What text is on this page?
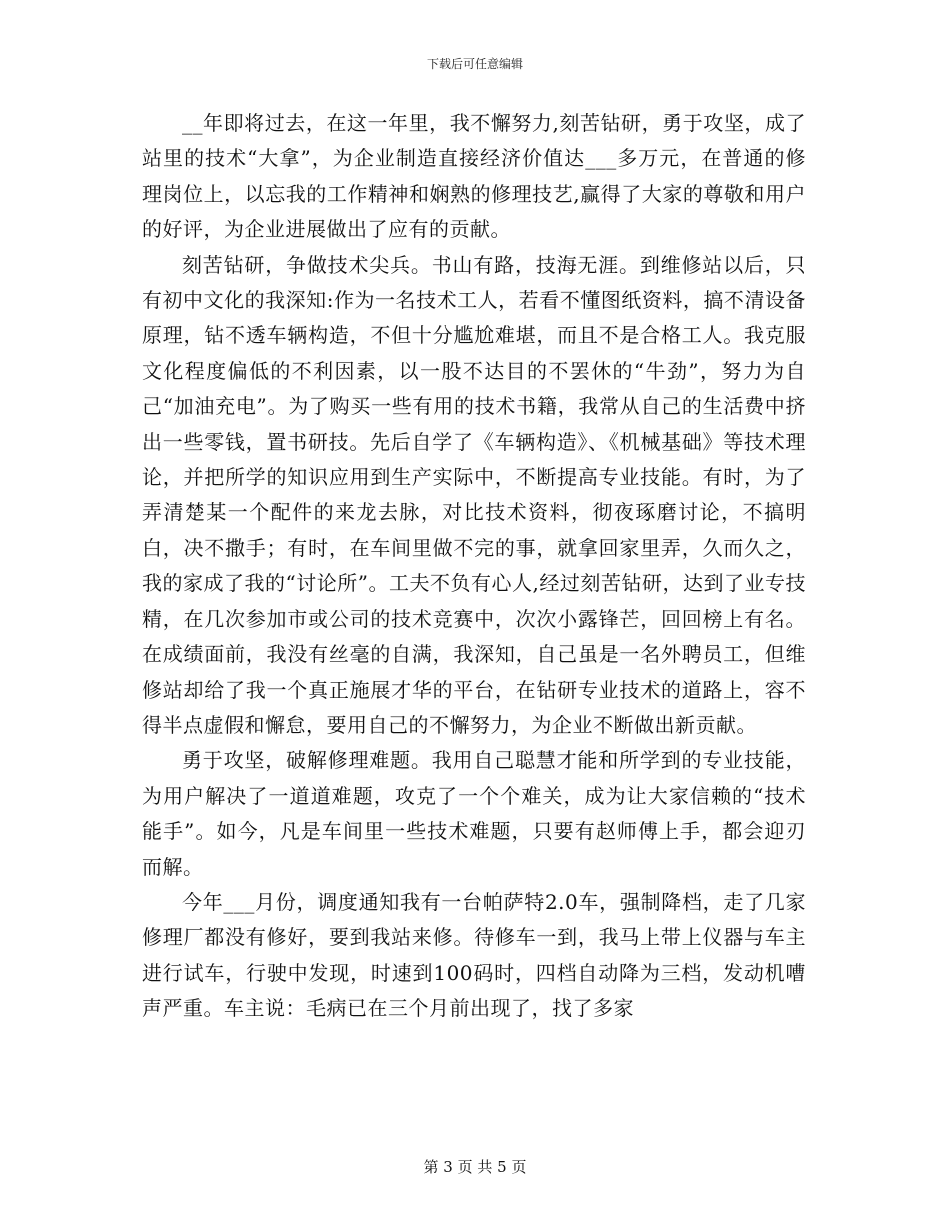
下载后可任意编辑

__年即将过去，在这一年里，我不懈努力,刻苦钻研，勇于攻坚，成了站里的技术“大拿”，为企业制造直接经济价值达___多万元，在普通的修理岗位上，以忘我的工作精神和娴熟的修理技艺,赢得了大家的尊敬和用户的好评，为企业进展做出了应有的贡献。

刻苦钻研，争做技术尖兵。书山有路，技海无涯。到维修站以后，只有初中文化的我深知:作为一名技术工人，若看不懂图纸资料，搞不清设备原理，钻不透车辆构造，不但十分尴尬难堪，而且不是合格工人。我克服文化程度偏低的不利因素，以一股不达目的不罢休的“牛劲”，努力为自己“加油充电”。为了购买一些有用的技术书籍，我常从自己的生活费中挤出一些零钱，置书研技。先后自学了《车辆构造》、《机械基础》等技术理论，并把所学的知识应用到生产实际中，不断提高专业技能。有时，为了弄清楚某一个配件的来龙去脉，对比技术资料，彻夜琢磨讨论，不搞明白，决不撒手；有时，在车间里做不完的事，就拿回家里弄，久而久之，我的家成了我的“讨论所”。工夫不负有心人,经过刻苦钻研，达到了业专技精，在几次参加市或公司的技术竞赛中，次次小露锋芒，回回榜上有名。在成绩面前，我没有丝毫的自满，我深知，自己虽是一名外聘员工，但维修站却给了我一个真正施展才华的平台，在钻研专业技术的道路上，容不得半点虚假和懈怠，要用自己的不懈努力，为企业不断做出新贡献。

勇于攻坚，破解修理难题。我用自己聪慧才能和所学到的专业技能，为用户解决了一道道难题，攻克了一个个难关，成为让大家信赖的“技术能手”。如今，凡是车间里一些技术难题，只要有赵师傅上手，都会迎刃而解。

今年___月份，调度通知我有一台帕萨特2.0车，强制降档，走了几家修理厂都没有修好，要到我站来修。待修车一到，我马上带上仪器与车主进行试车，行驶中发现，时速到100码时，四档自动降为三档，发动机嘈声严重。车主说：毛病已在三个月前出现了，找了多家

第 3 页 共 5 页
